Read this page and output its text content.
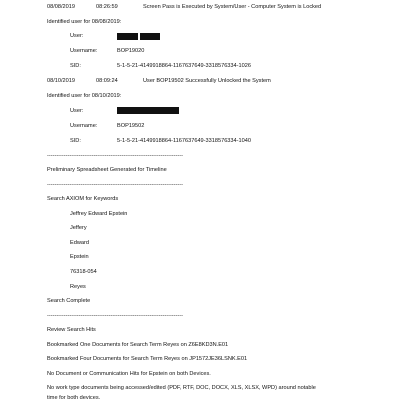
08/08/2019	08:26:59	Screen Pass is Executed by System/User - Computer System is Locked
Identified user for 08/08/2019:
User:
Username:	BOP19020
SID:	5-1-5-21-4149918864-1167637649-3318576334-1026
08/10/2019	08:09:24	User BOP19502 Successfully Unlocked the System
Identified user for 08/10/2019:
User:
Username:	BOP19502
SID:	5-1-5-21-4149918864-1167637649-3318576334-1040
-------------------------------------------------------------------------
Preliminary Spreadsheet Generated for Timeline
-------------------------------------------------------------------------
Search AXIOM for Keywords
Jeffrey Edward Epstein
Jeffery
Edward
Epstein
76318-054
Reyes
Search Complete
-------------------------------------------------------------------------
Review Search Hits
Bookmarked One Documents for Search Term Reyes on Z6E8KD3N.E01
Bookmarked Four Documents for Search Term Reyes on JP1572JE36LSNK.E01
No Document or Communication Hits for Epstein on both Devices.
No work type documents being accessed/edited (PDF, RTF, DOC, DOCX, XLS, XLSX, WPD) around notable
time for both devices.
